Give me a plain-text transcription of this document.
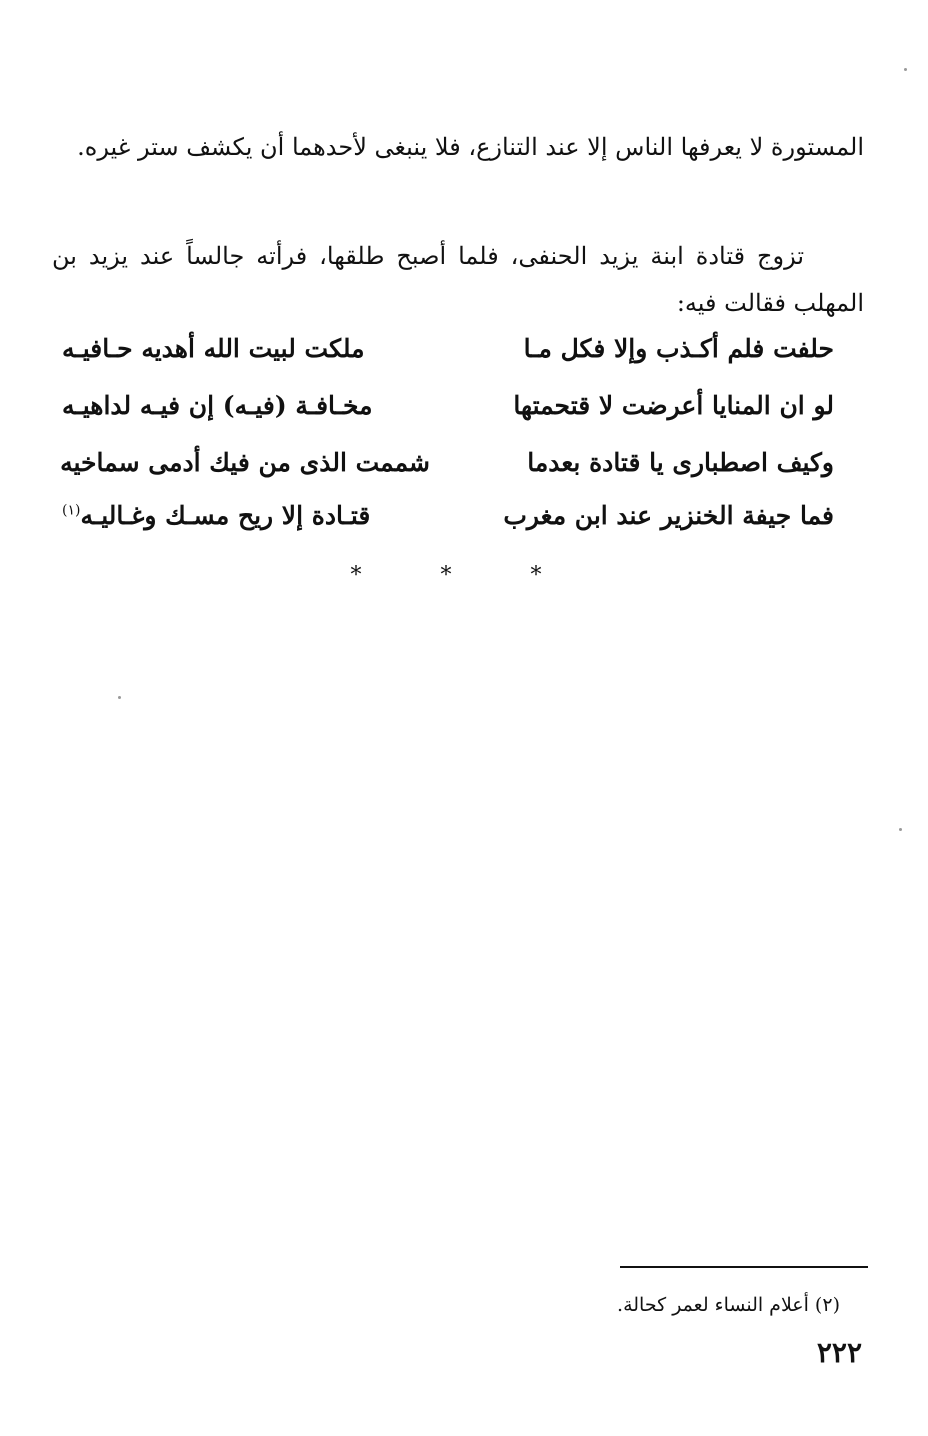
المستورة لا يعرفها الناس إلا عند التنازع، فلا ينبغى لأحدهما أن يكشف ستر غيره.
تزوج قتادة ابنة يزيد الحنفى، فلما أصبح طلقها، فرأته جالساً عند يزيد بن المهلب فقالت فيه:
حلفت فلم أكـذب وإلا فكل مـا
ملكت لبيت الله أهديه حـافيـه
لو ان المنايا أعرضت لا قتحمتها
مخـافـة (فيـه) إن فيـه لداهيـه
وكيف اصطبارى يا قتادة بعدما
شممت الذى من فيك أدمى سماخيه
فما جيفة الخنزير عند ابن مغرب
قتـادة إلا ريح مسـك وغـاليـه$^{(١)}$
* * *
(٢) أعلام النساء لعمر كحالة.
٢٢٢
